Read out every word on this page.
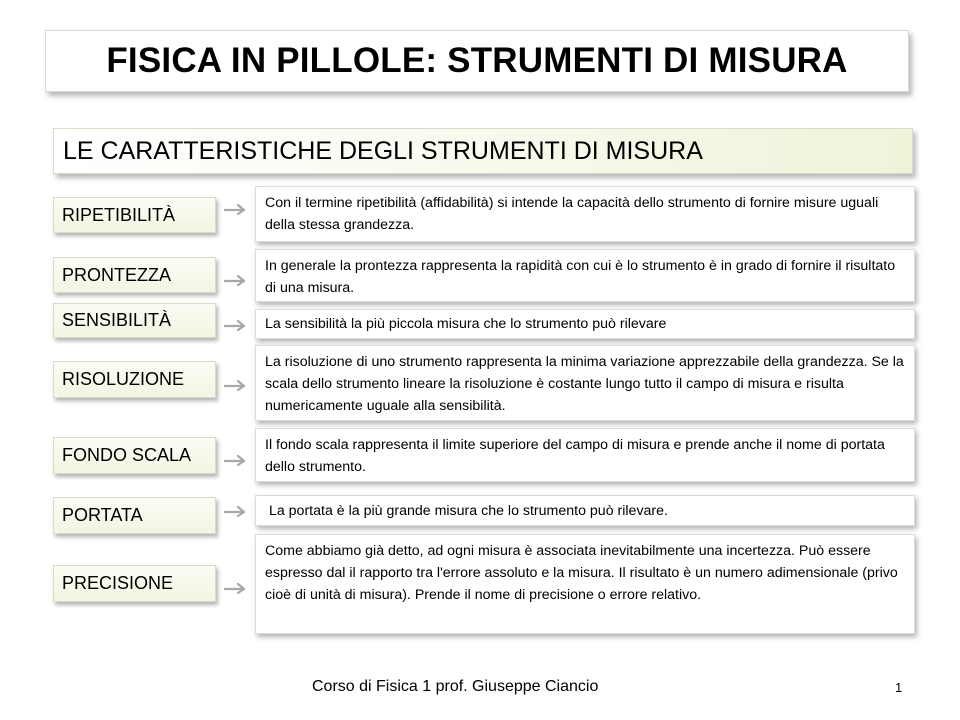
FISICA IN PILLOLE: STRUMENTI DI MISURA
LE CARATTERISTICHE DEGLI STRUMENTI DI MISURA
RIPETIBILITÀ
Con il termine ripetibilità (affidabilità) si intende la capacità dello strumento di fornire misure uguali della stessa grandezza.
PRONTEZZA	In generale la prontezza rappresenta la rapidità con cui è lo strumento è in grado di fornire il risultato di una misura.
SENSIBILITÀ	La sensibilità la più piccola misura che lo strumento può rilevare
RISOLUZIONE
La risoluzione di uno strumento rappresenta la minima variazione apprezzabile della grandezza. Se la scala dello strumento lineare la risoluzione è costante lungo tutto il campo di misura e risulta numericamente uguale alla sensibilità.
FONDO SCALA	Il fondo scala rappresenta il limite superiore del campo di misura e prende anche il nome di portata dello strumento.
PORTATA	La portata è la più grande misura che lo strumento può rilevare.
PRECISIONE
Come abbiamo già detto, ad ogni misura è associata inevitabilmente una incertezza. Può essere espresso dal il rapporto tra l'errore assoluto e la misura. Il risultato è un numero adimensionale (privo cioè di unità di misura). Prende il nome di precisione o errore relativo.
Corso di Fisica 1 prof. Giuseppe Ciancio	1
